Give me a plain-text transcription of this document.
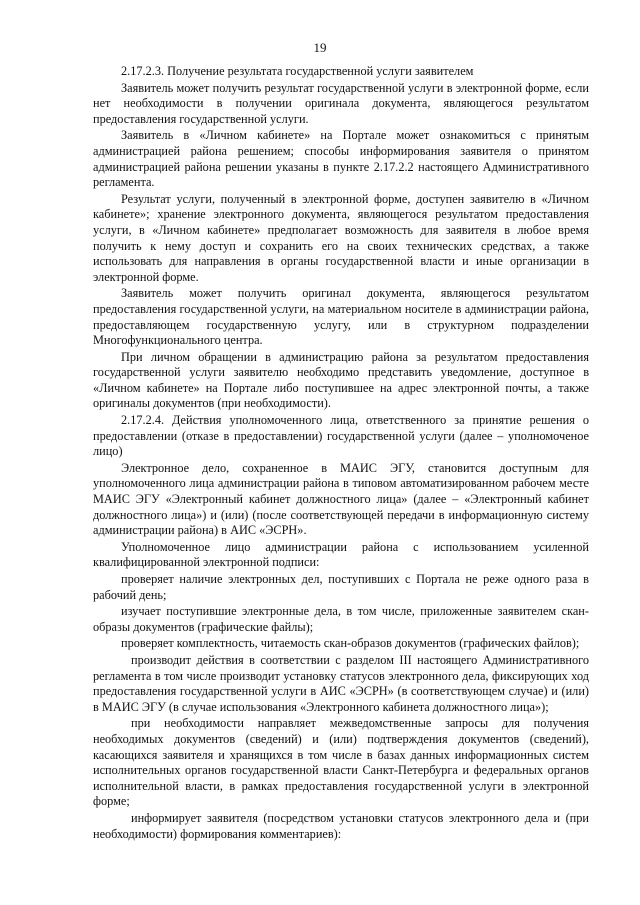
19

2.17.2.3. Получение результата государственной услуги заявителем

Заявитель может получить результат государственной услуги в электронной форме, если нет необходимости в получении оригинала документа, являющегося результатом предоставления государственной услуги.

Заявитель в «Личном кабинете» на Портале может ознакомиться с принятым администрацией района решением; способы информирования заявителя о принятом администрацией района решении указаны в пункте 2.17.2.2 настоящего Административного регламента.

Результат услуги, полученный в электронной форме, доступен заявителю в «Личном кабинете»; хранение электронного документа, являющегося результатом предоставления услуги, в «Личном кабинете» предполагает возможность для заявителя в любое время получить к нему доступ и сохранить его на своих технических средствах, а также использовать для направления в органы государственной власти и иные организации в электронной форме.

Заявитель может получить оригинал документа, являющегося результатом предоставления государственной услуги, на материальном носителе в администрации района, предоставляющем государственную услугу, или в структурном подразделении Многофункционального центра.

При личном обращении в администрацию района за результатом предоставления государственной услуги заявителю необходимо представить уведомление, доступное в «Личном кабинете» на Портале либо поступившее на адрес электронной почты, а также оригиналы документов (при необходимости).

2.17.2.4. Действия уполномоченного лица, ответственного за принятие решения о предоставлении (отказе в предоставлении) государственной услуги (далее – уполномоченое лицо)

Электронное дело, сохраненное в МАИС ЭГУ, становится доступным для уполномоченного лица администрации района в типовом автоматизированном рабочем месте МАИС ЭГУ «Электронный кабинет должностного лица» (далее – «Электронный кабинет должностного лица») и (или) (после соответствующей передачи в информационную систему администрации района) в АИС «ЭСРН».

Уполномоченное лицо администрации района с использованием усиленной квалифицированной электронной подписи:

проверяет наличие электронных дел, поступивших с Портала не реже одного раза в рабочий день;

изучает поступившие электронные дела, в том числе, приложенные заявителем скан-образы документов (графические файлы);

проверяет комплектность, читаемость скан-образов документов (графических файлов);

производит действия в соответствии с разделом III настоящего Административного регламента в том числе производит установку статусов электронного дела, фиксирующих ход предоставления государственной услуги в АИС «ЭСРН» (в соответствующем случае) и (или) в МАИС ЭГУ (в случае использования «Электронного кабинета должностного лица»);

при необходимости направляет межведомственные запросы для получения необходимых документов (сведений) и (или) подтверждения документов (сведений), касающихся заявителя и хранящихся в том числе в базах данных информационных систем исполнительных органов государственной власти Санкт-Петербурга и федеральных органов исполнительной власти, в рамках предоставления государственной услуги в электронной форме;

информирует заявителя (посредством установки статусов электронного дела и (при необходимости) формирования комментариев):
